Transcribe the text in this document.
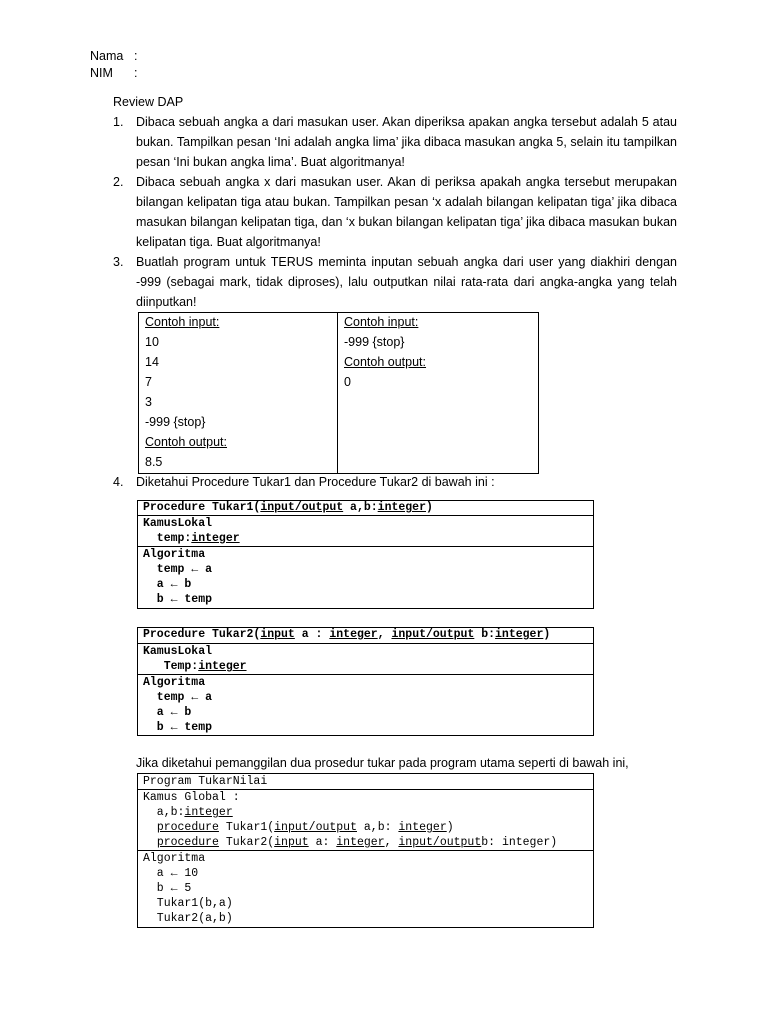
Nama :
NIM :
Review DAP
1. Dibaca sebuah angka a dari masukan user. Akan diperiksa apakan angka tersebut adalah 5 atau bukan. Tampilkan pesan ‘Ini adalah angka lima’ jika dibaca masukan angka 5, selain itu tampilkan pesan ‘Ini bukan angka lima’. Buat algoritmanya!
2. Dibaca sebuah angka x dari masukan user. Akan di periksa apakah angka tersebut merupakan bilangan kelipatan tiga atau bukan. Tampilkan pesan ‘x adalah bilangan kelipatan tiga’ jika dibaca masukan bilangan kelipatan tiga, dan ‘x bukan bilangan kelipatan tiga’ jika dibaca masukan bukan kelipatan tiga. Buat algoritmanya!
3. Buatlah program untuk TERUS meminta inputan sebuah angka dari user yang diakhiri dengan -999 (sebagai mark, tidak diproses), lalu outputkan nilai rata-rata dari angka-angka yang telah diinputkan!
Contoh input:
10
14
7
3
-999 {stop}
Contoh output:
8.5
Contoh input:
-999 {stop}
Contoh output:
0
4. Diketahui Procedure Tukar1 dan Procedure Tukar2 di bawah ini :
Procedure Tukar1(input/output a,b:integer)
KamusLokal
temp:integer
Algoritma
temp ← a
a ← b
b ← temp
Procedure Tukar2(input a : integer, input/output b:integer)
KamusLokal
Temp:integer
Algoritma
temp ← a
a ← b
b ← temp
Jika diketahui pemanggilan dua prosedur tukar pada program utama seperti di bawah ini,
Program TukarNilai
Kamus Global :
a,b:integer
procedure Tukar1(input/output a,b: integer)
procedure Tukar2(input a: integer, input/outputb: integer)
Algoritma
a ← 10
b ← 5
Tukar1(b,a)
Tukar2(a,b)
